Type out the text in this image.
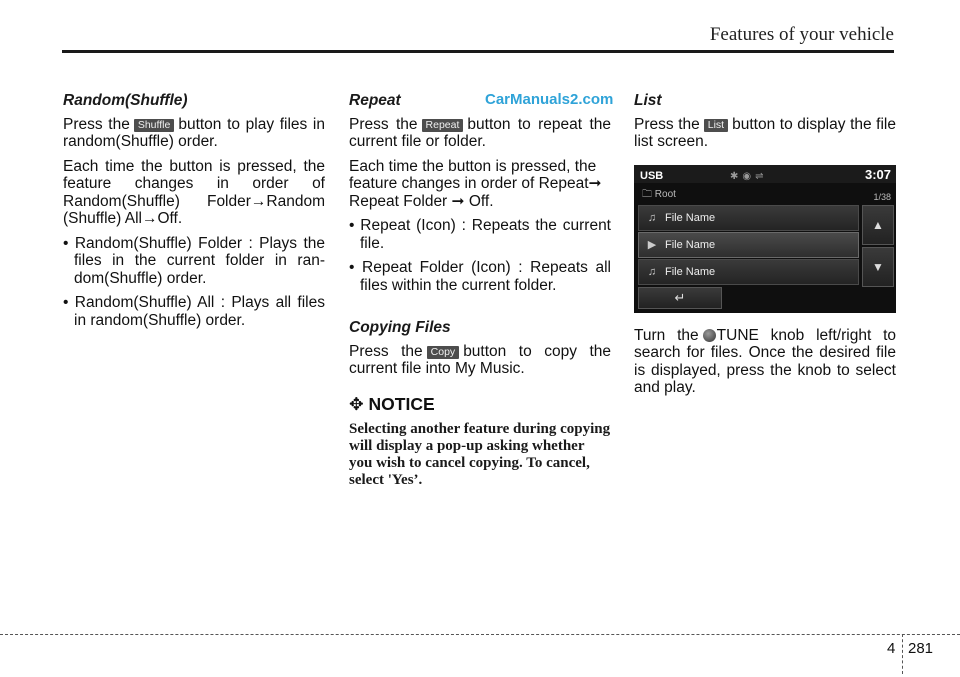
Features of your vehicle
CarManuals2.com
Random(Shuffle)

Press the Shuffle button to play files in random(Shuffle) order.

Each time the button is pressed, the feature changes in order of Random(Shuffle) Folder→Random (Shuffle) All→Off.

• Random(Shuffle) Folder : Plays the files in the current folder in ran-dom(Shuffle) order.
• Random(Shuffle) All : Plays all files in random(Shuffle) order.
Repeat

Press the Repeat button to repeat the current file or folder.

Each time the button is pressed, the feature changes in order of Repeat➞ Repeat Folder ➞ Off.

• Repeat (Icon) : Repeats the current file.
• Repeat Folder (Icon) : Repeats all files within the current folder.
Copying Files

Press the Copy button to copy the current file into My Music.

✥ NOTICE

Selecting another feature during copying will display a pop-up asking whether you wish to cancel copying. To cancel, select 'Yes’.

List

Press the List button to display the file list screen.

USB	✱◉⇌	3:07
🗀 Root	1/38
♫ File Name
▶ File Name
♫ File Name
▲
▼
↵

Turn the TUNE knob left/right to search for files. Once the desired file is displayed, press the knob to select and play.

4 281
